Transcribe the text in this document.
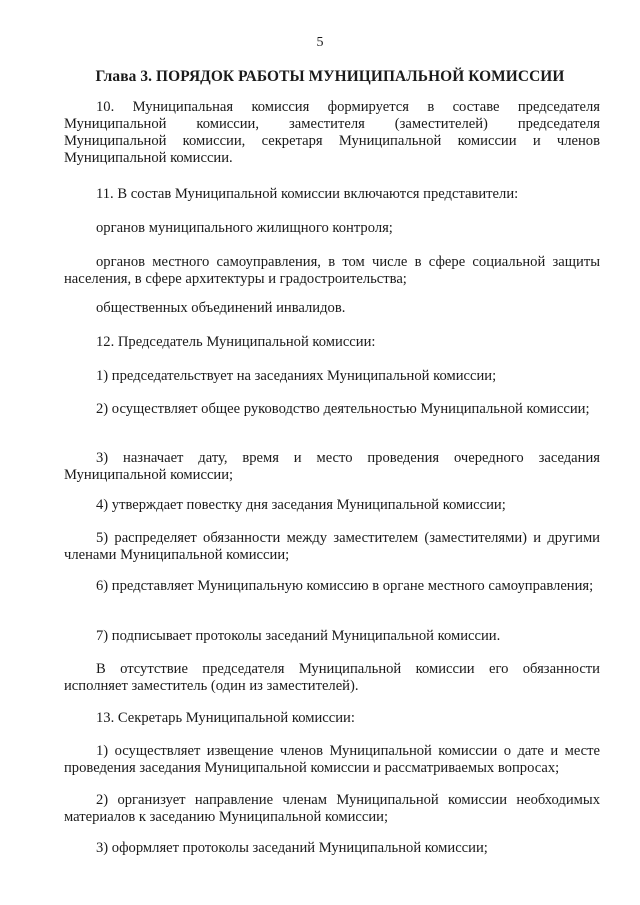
5
Глава 3. ПОРЯДОК РАБОТЫ МУНИЦИПАЛЬНОЙ КОМИССИИ

10. Муниципальная комиссия формируется в составе председателя Муниципальной комиссии, заместителя (заместителей) председателя Муниципальной комиссии, секретаря Муниципальной комиссии и членов Муниципальной комиссии.

11. В состав Муниципальной комиссии включаются представители:

органов муниципального жилищного контроля;

органов местного самоуправления, в том числе в сфере социальной защиты населения, в сфере архитектуры и градостроительства;

общественных объединений инвалидов.

12. Председатель Муниципальной комиссии:

1) председательствует на заседаниях Муниципальной комиссии;

2) осуществляет общее руководство деятельностью Муниципальной комиссии;

3) назначает дату, время и место проведения очередного заседания Муниципальной комиссии;

4) утверждает повестку дня заседания Муниципальной комиссии;

5) распределяет обязанности между заместителем (заместителями) и другими членами Муниципальной комиссии;

6) представляет Муниципальную комиссию в органе местного самоуправления;

7) подписывает протоколы заседаний Муниципальной комиссии.

В отсутствие председателя Муниципальной комиссии его обязанности исполняет заместитель (один из заместителей).

13. Секретарь Муниципальной комиссии:

1) осуществляет извещение членов Муниципальной комиссии о дате и месте проведения заседания Муниципальной комиссии и рассматриваемых вопросах;

2) организует направление членам Муниципальной комиссии необходимых материалов к заседанию Муниципальной комиссии;

3) оформляет протоколы заседаний Муниципальной комиссии;
